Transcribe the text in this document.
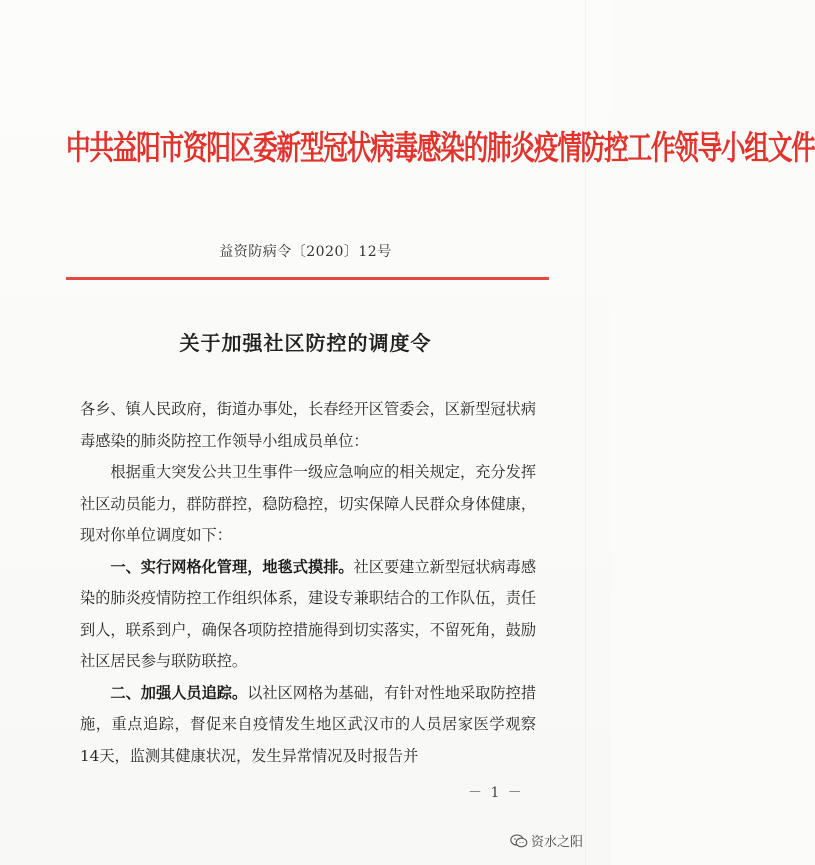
中共益阳市资阳区委新型冠状病毒感染的肺炎疫情防控工作领导小组文件
益资防病令〔2020〕12号
关于加强社区防控的调度令

各乡、镇人民政府，街道办事处，长春经开区管委会，区新型冠状病毒感染的肺炎防控工作领导小组成员单位：

根据重大突发公共卫生事件一级应急响应的相关规定，充分发挥社区动员能力，群防群控，稳防稳控，切实保障人民群众身体健康，现对你单位调度如下：

一、实行网格化管理，地毯式摸排。社区要建立新型冠状病毒感染的肺炎疫情防控工作组织体系，建设专兼职结合的工作队伍，责任到人，联系到户，确保各项防控措施得到切实落实，不留死角，鼓励社区居民参与联防联控。

二、加强人员追踪。以社区网格为基础，有针对性地采取防控措施，重点追踪，督促来自疫情发生地区武汉市的人员居家医学观察14天，监测其健康状况，发生异常情况及时报告并

－ 1 －
资水之阳
